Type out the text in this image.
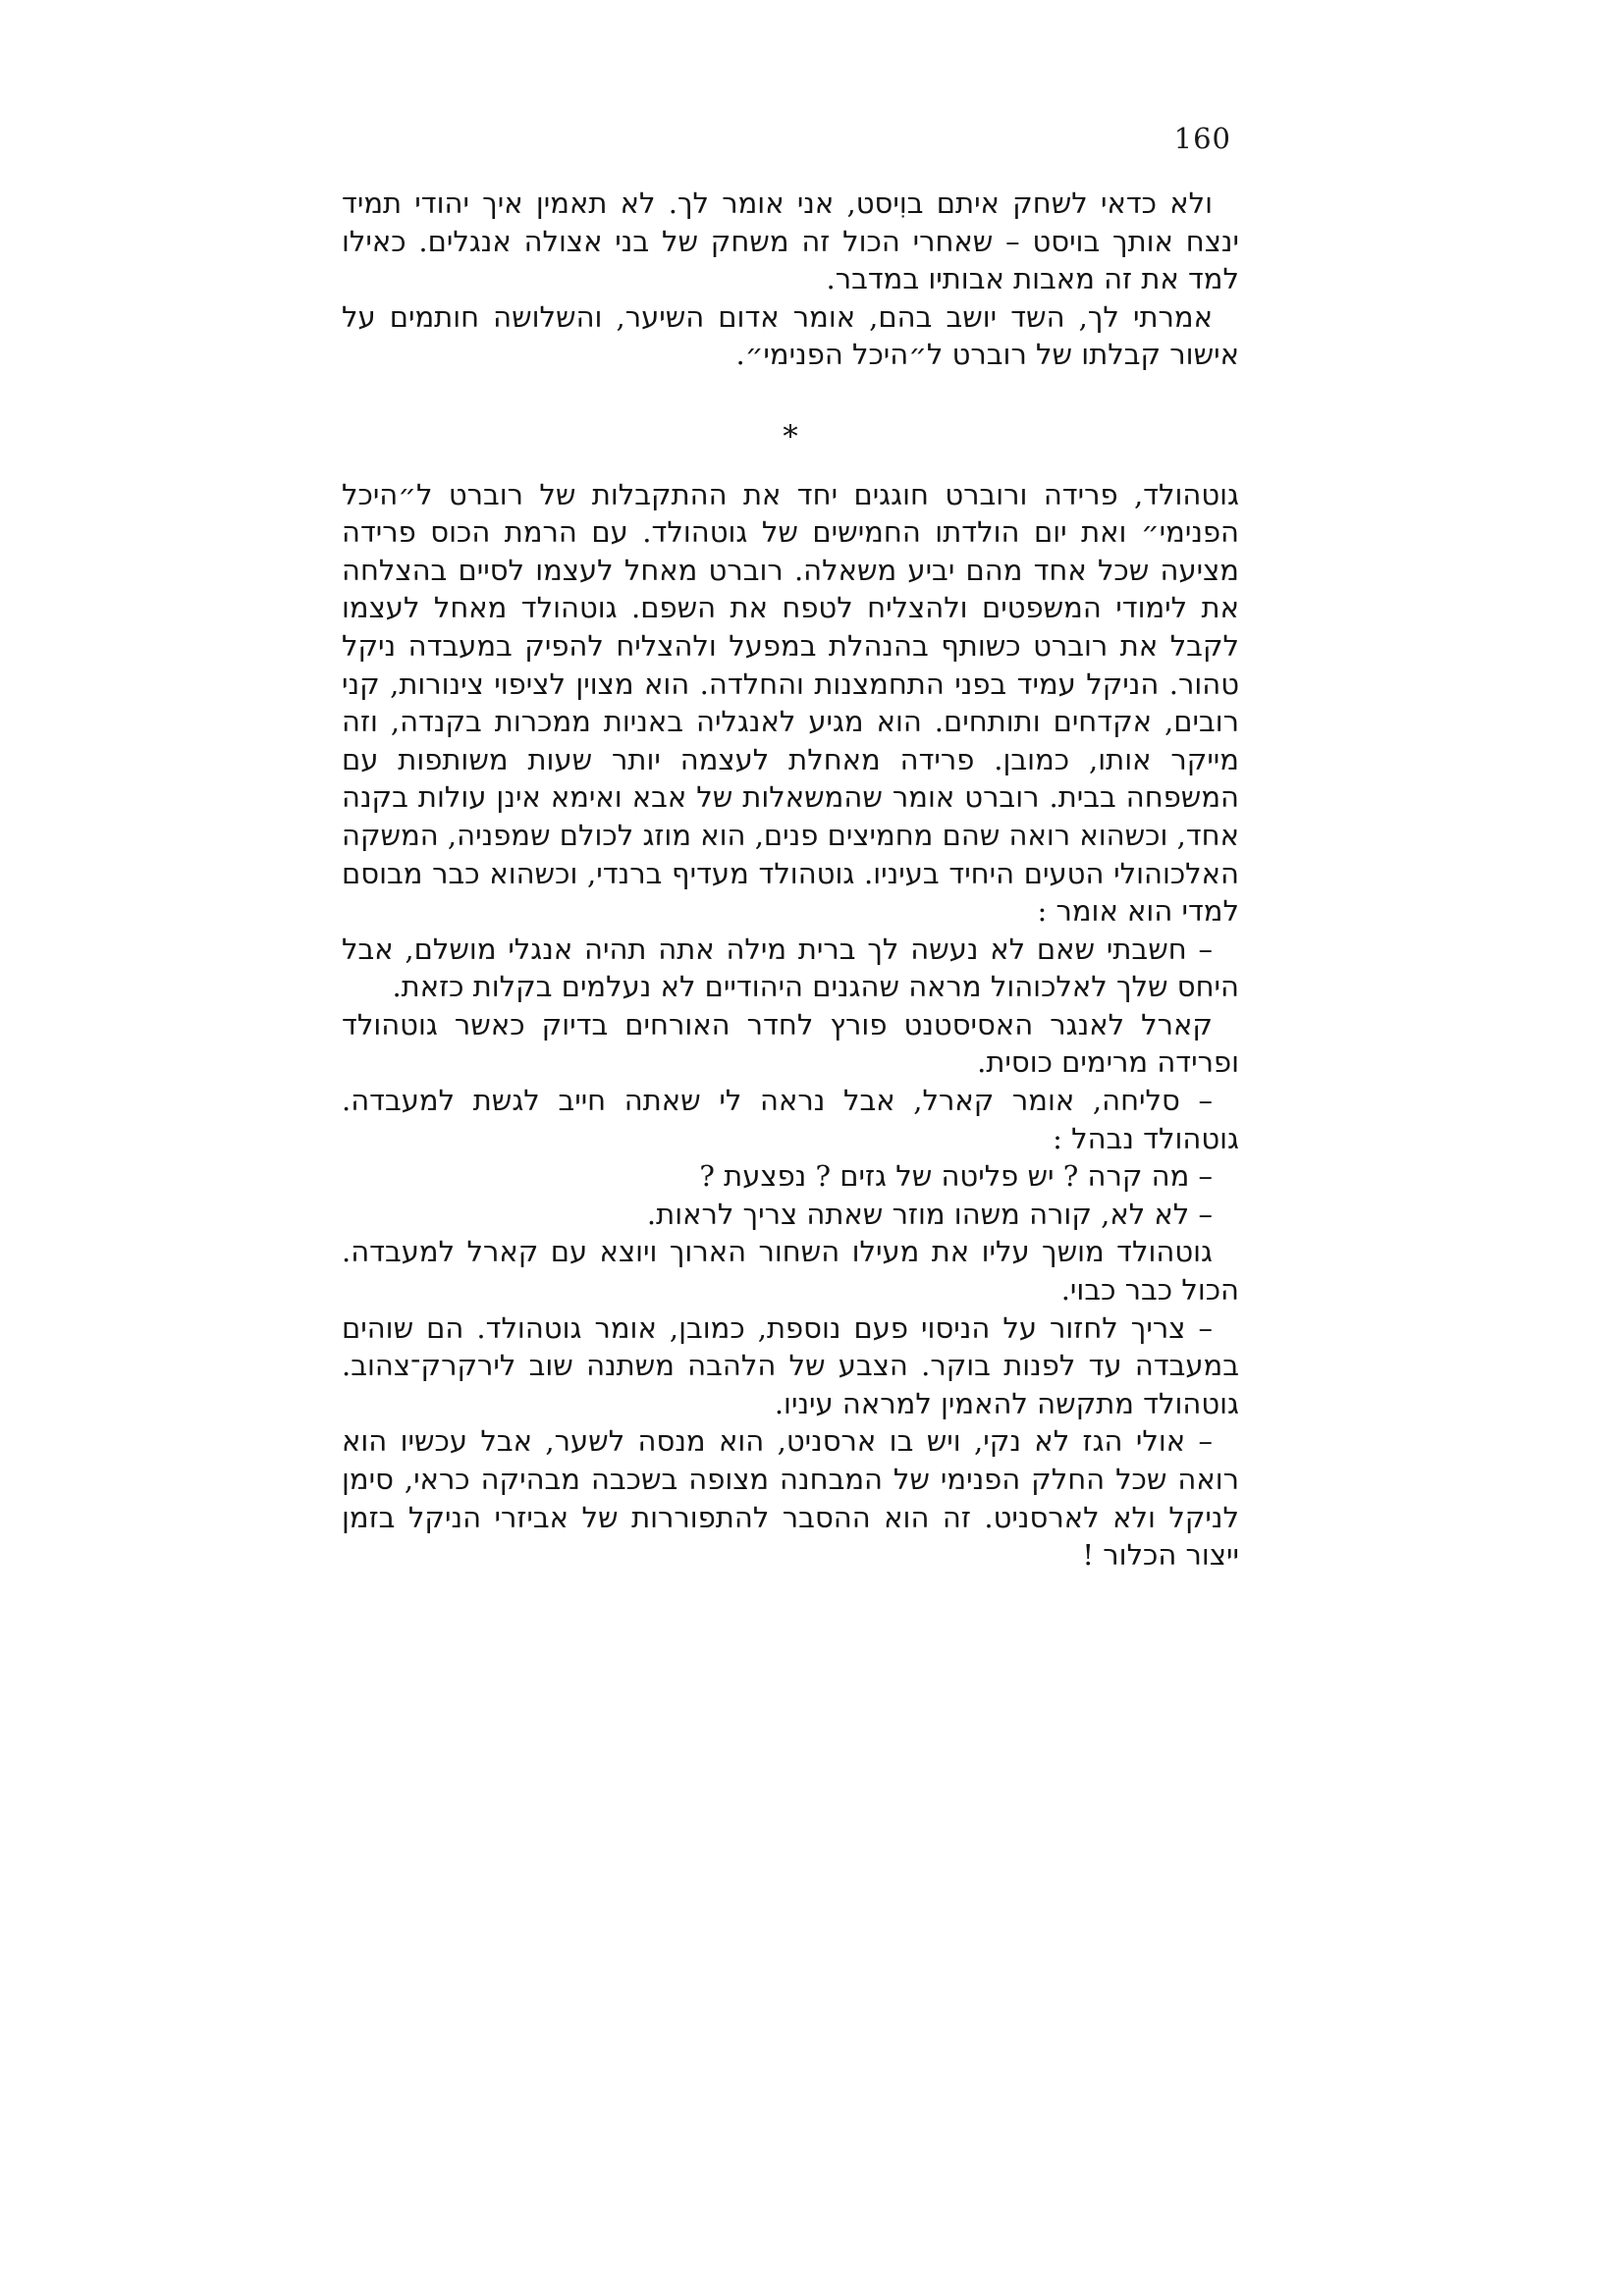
160

ולא כדאי לשחק איתם בוִיסט, אני אומר לך. לא תאמין איך יהודי תמיד ינצח אותך בויסט – שאחרי הכול זה משחק של בני אצולה אנגלים. כאילו למד את זה מאבות אבותיו במדבר.

אמרתי לך, השד יושב בהם, אומר אדום השיער, והשלושה חותמים על אישור קבלתו של רוברט ל״היכל הפנימי״.

*

גוטהולד, פרידה ורוברט חוגגים יחד את ההתקבלות של רוברט ל״היכל הפנימי״ ואת יום הולדתו החמישים של גוטהולד. עם הרמת הכוס פרידה מציעה שכל אחד מהם יביע משאלה. רוברט מאחל לעצמו לסיים בהצלחה את לימודי המשפטים ולהצליח לטפח את השפם. גוטהולד מאחל לעצמו לקבל את רוברט כשותף בהנהלת במפעל ולהצליח להפיק במעבדה ניקל טהור. הניקל עמיד בפני התחמצנות והחלדה. הוא מצוין לציפוי צינורות, קני רובים, אקדחים ותותחים. הוא מגיע לאנגליה באניות ממכרות בקנדה, וזה מייקר אותו, כמובן. פרידה מאחלת לעצמה יותר שעות משותפות עם המשפחה בבית. רוברט אומר שהמשאלות של אבא ואימא אינן עולות בקנה אחד, וכשהוא רואה שהם מחמיצים פנים, הוא מוזג לכולם שמפניה, המשקה האלכוהולי הטעים היחיד בעיניו. גוטהולד מעדיף ברנדי, וכשהוא כבר מבוסם למדי הוא אומר :

– חשבתי שאם לא נעשה לך ברית מילה אתה תהיה אנגלי מושלם, אבל היחס שלך לאלכוהול מראה שהגנים היהודיים לא נעלמים בקלות כזאת.

קארל לאנגר האסיסטנט פורץ לחדר האורחים בדיוק כאשר גוטהולד ופרידה מרימים כוסית.

– סליחה, אומר קארל, אבל נראה לי שאתה חייב לגשת למעבדה. גוטהולד נבהל :

– מה קרה ? יש פליטה של גזים ? נפצעת ?

– לא לא, קורה משהו מוזר שאתה צריך לראות.

גוטהולד מושך עליו את מעילו השחור הארוך ויוצא עם קארל למעבדה. הכול כבר כבוי.

– צריך לחזור על הניסוי פעם נוספת, כמובן, אומר גוטהולד. הם שוהים במעבדה עד לפנות בוקר. הצבע של הלהבה משתנה שוב לירקרק־צהוב. גוטהולד מתקשה להאמין למראה עיניו.

– אולי הגז לא נקי, ויש בו ארסניט, הוא מנסה לשער, אבל עכשיו הוא רואה שכל החלק הפנימי של המבחנה מצופה בשכבה מבהיקה כראי, סימן לניקל ולא לארסניט. זה הוא ההסבר להתפוררות של אביזרי הניקל בזמן ייצור הכלור !
